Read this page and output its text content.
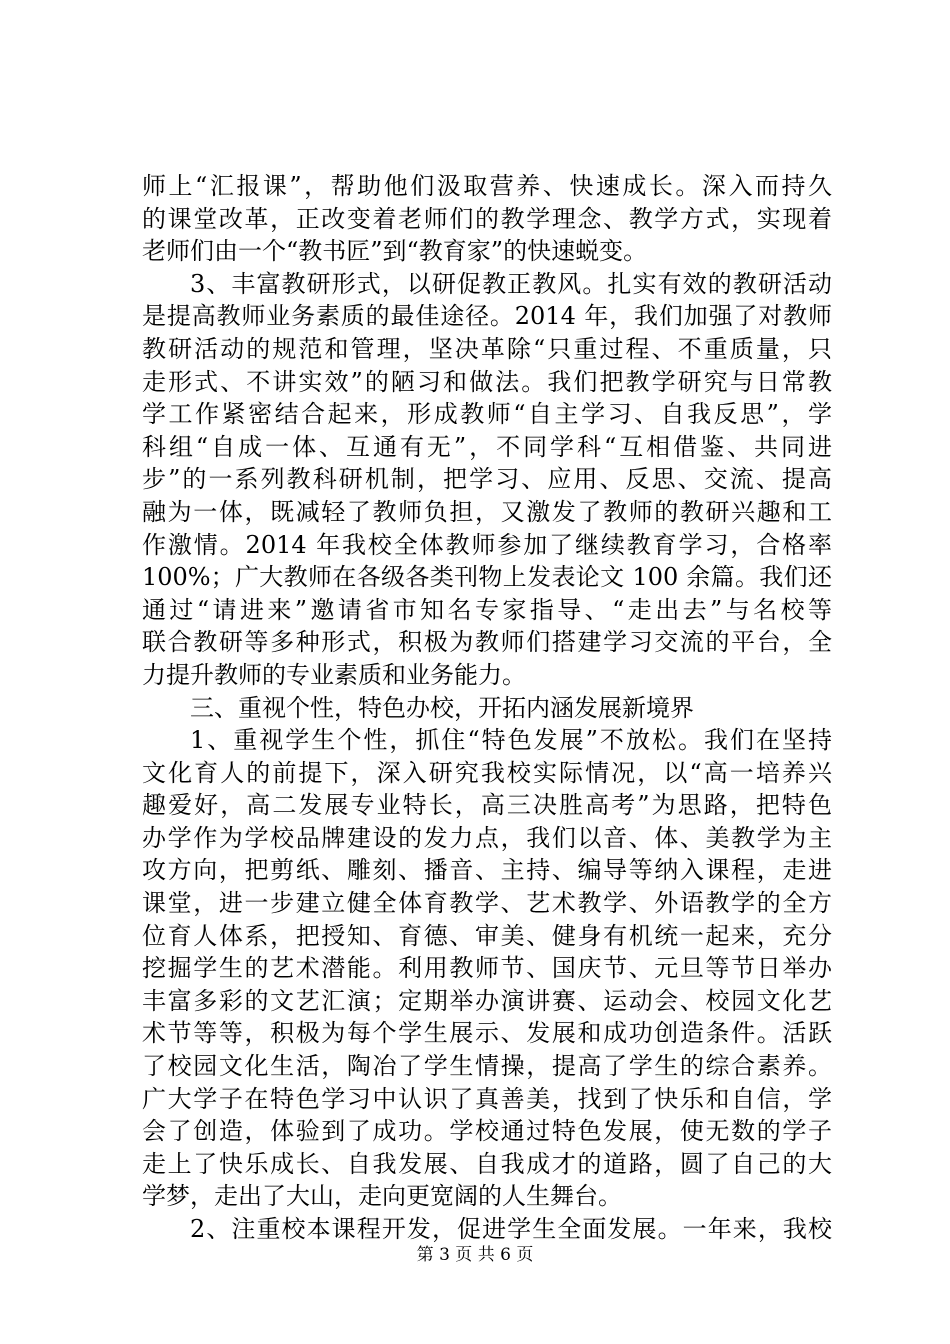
师上“汇报课”，帮助他们汲取营养、快速成长。深入而持久
的课堂改革，正改变着老师们的教学理念、教学方式，实现着
老师们由一个“教书匠”到“教育家”的快速蜕变。
3、丰富教研形式，以研促教正教风。扎实有效的教研活动
是提高教师业务素质的最佳途径。2014 年，我们加强了对教师
教研活动的规范和管理，坚决革除“只重过程、不重质量，只
走形式、不讲实效”的陋习和做法。我们把教学研究与日常教
学工作紧密结合起来，形成教师“自主学习、自我反思”，学
科组“自成一体、互通有无”，不同学科“互相借鉴、共同进
步”的一系列教科研机制，把学习、应用、反思、交流、提高
融为一体，既减轻了教师负担，又激发了教师的教研兴趣和工
作激情。2014 年我校全体教师参加了继续教育学习，合格率
100%；广大教师在各级各类刊物上发表论文 100 余篇。我们还
通过“请进来”邀请省市知名专家指导、“走出去”与名校等
联合教研等多种形式，积极为教师们搭建学习交流的平台，全
力提升教师的专业素质和业务能力。
三、重视个性，特色办校，开拓内涵发展新境界
1、重视学生个性，抓住“特色发展”不放松。我们在坚持
文化育人的前提下，深入研究我校实际情况，以“高一培养兴
趣爱好，高二发展专业特长，高三决胜高考”为思路，把特色
办学作为学校品牌建设的发力点，我们以音、体、美教学为主
攻方向，把剪纸、雕刻、播音、主持、编导等纳入课程，走进
课堂，进一步建立健全体育教学、艺术教学、外语教学的全方
位育人体系，把授知、育德、审美、健身有机统一起来，充分
挖掘学生的艺术潜能。利用教师节、国庆节、元旦等节日举办
丰富多彩的文艺汇演；定期举办演讲赛、运动会、校园文化艺
术节等等，积极为每个学生展示、发展和成功创造条件。活跃
了校园文化生活，陶冶了学生情操，提高了学生的综合素养。
广大学子在特色学习中认识了真善美，找到了快乐和自信，学
会了创造，体验到了成功。学校通过特色发展，使无数的学子
走上了快乐成长、自我发展、自我成才的道路，圆了自己的大
学梦，走出了大山，走向更宽阔的人生舞台。
2、注重校本课程开发，促进学生全面发展。一年来，我校
第 3 页 共 6 页
